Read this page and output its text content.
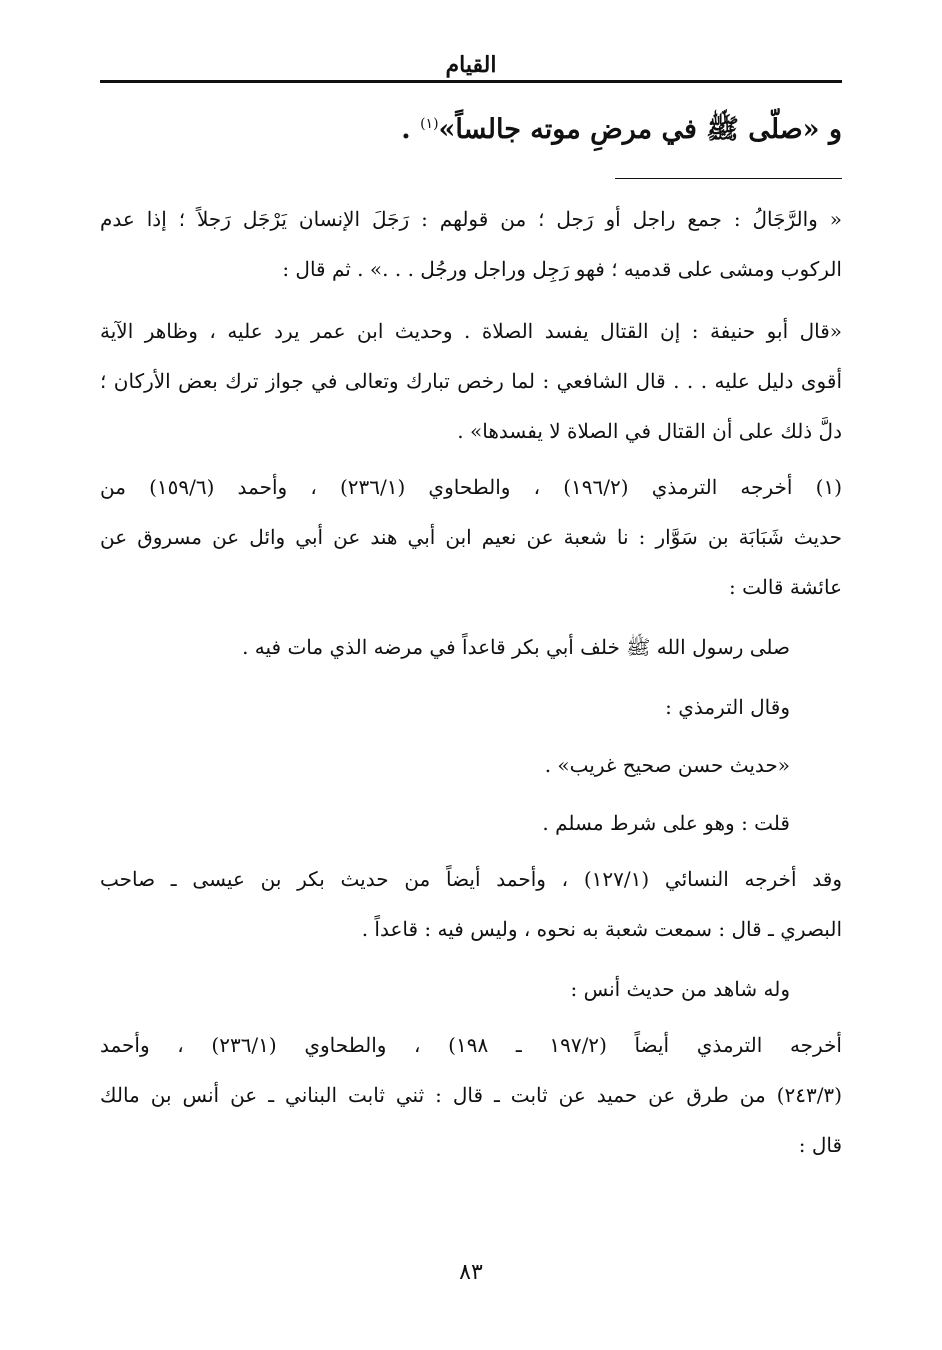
القيام
و «صلّى ﷺ في مرضِ موته جالساً»$^{(١)}$ .
« والرَّجَالُ : جمع راجل أو رَجل ؛ من قولهم : رَجَلَ الإنسان يَرْجَل رَجلاً ؛ إذا عدم
الركوب ومشى على قدميه ؛ فهو رَجِل وراجل ورجُل . . .» . ثم قال :
«قال أبو حنيفة : إن القتال يفسد الصلاة . وحديث ابن عمر يرد عليه ، وظاهر الآية
أقوى دليل عليه . . . قال الشافعي : لما رخص تبارك وتعالى في جواز ترك بعض الأركان ؛
دلَّ ذلك على أن القتال في الصلاة لا يفسدها» .
(١) أخرجه الترمذي (١٩٦/٢) ، والطحاوي (٢٣٦/١) ، وأحمد (١٥٩/٦) من
حديث شَبَابَة بن سَوَّار : نا شعبة عن نعيم ابن أبي هند عن أبي وائل عن مسروق عن
عائشة قالت :
صلى رسول الله ﷺ خلف أبي بكر قاعداً في مرضه الذي مات فيه .
وقال الترمذي :
«حديث حسن صحيح غريب» .
قلت : وهو على شرط مسلم .
وقد أخرجه النسائي (١٢٧/١) ، وأحمد أيضاً من حديث بكر بن عيسى ـ صاحب
البصري ـ قال : سمعت شعبة به نحوه ، وليس فيه : قاعداً .
وله شاهد من حديث أنس :
أخرجه الترمذي أيضاً (١٩٧/٢ ـ ١٩٨) ، والطحاوي (٢٣٦/١) ، وأحمد
(٢٤٣/٣) من طرق عن حميد عن ثابت ـ قال : ثني ثابت البناني ـ عن أنس بن مالك
قال :
٨٣
